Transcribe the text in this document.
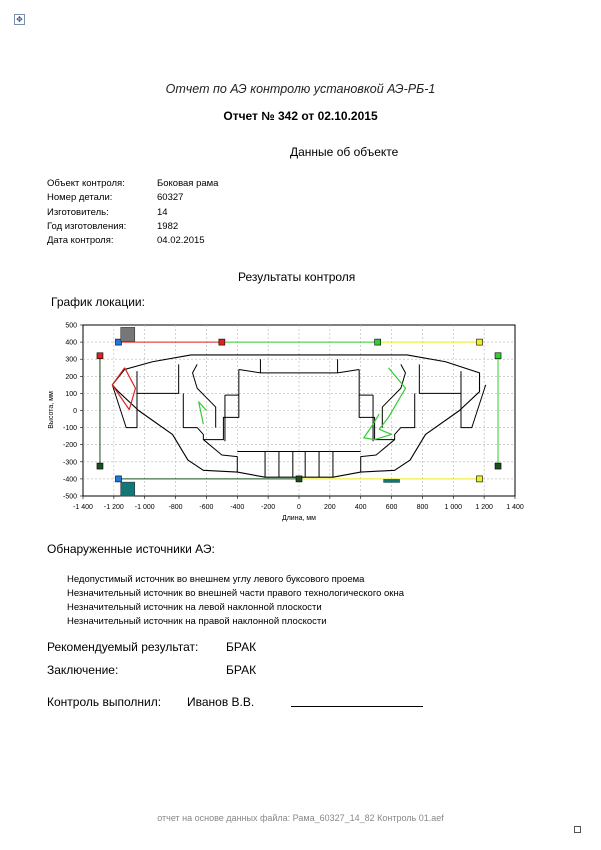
✥
Отчет по АЭ контролю установкой АЭ-РБ-1
Отчет № 342 от 02.10.2015
Данные об объекте
Объект контроля:	Боковая рама
Номер детали:	60327
Изготовитель:	14
Год изготовления:	1982
Дата контроля:	04.02.2015
Результаты контроля
График локации:
-1 400 -1 200 -1 000 -800 -600 -400 -200	0	200	400	600	800 1 000 1 200 1 400
500
400
300
200
100
0
-100
-200
-300
-400
-500
Длина, мм
Высота, мм
Обнаруженные источники АЭ:
Недопустимый источник во внешнем углу левого буксового проема
Незначительный источник во внешней части правого технологического окна
Незначительный источник на левой наклонной плоскости
Незначительный источник на правой наклонной плоскости
Рекомендуемый результат: БРАК
Заключение:	БРАК
Контроль выполнил: Иванов В.В.
отчет на основе данных файла: Рама_60327_14_82 Контроль 01.aef
